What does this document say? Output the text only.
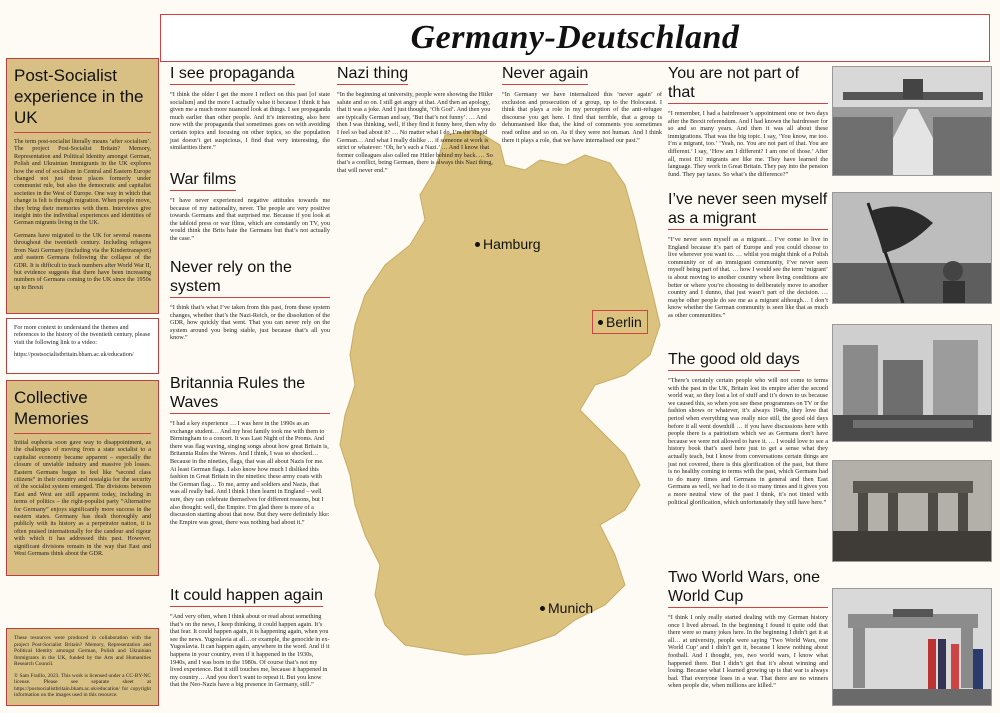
Germany-Deutschland
Post-Socialist experience in the UK

The term post-socialist literally means ‘after socialism’. The project Post-Socialist Britain? Memory, Representation and Political Identity amongst German, Polish and Ukrainian Immigrants in the UK explores how the end of socialism in Central and Eastern Europe changed not just those places formerly under communist rule, but also the democratic and capitalist societies in the West of Europe. One way in which that change is felt is through migration. When people move, they bring their memories with them. Interviews give insight into the individual experiences and identities of German migrants living in the UK.

Germans have migrated to the UK for several reasons throughout the twentieth century. Including refugees from Nazi Germany (including via the Kindertransport) and eastern Germans following the collapse of the GDR. It is difficult to track numbers after World War II, but evidence suggests that there have been increasing numbers of Germans coming to the UK since the 1950s up to Brexit

For more context to understand the themes and references to the history of the twentieth century, please visit the following link to a video:

https://postsocialistbritain.bham.ac.uk/education/

Collective Memories

Initial euphoria soon gave way to disappointment, as the challenges of moving from a state socialist to a capitalist economy became apparent – especially the closure of unviable industry and massive job losses. Eastern Germans began to feel like “second class citizens” in their country and nostalgia for the security of the socialist system emerged. The divisions between East and West are still apparent today, including in terms of politics – the right-populist party “Alternative for Germany” enjoys significantly more success in the eastern states. Germany has dealt thoroughly and publicly with its history as a perpetrator nation, it is often praised internationally for the candour and rigour with which it has addressed this past. However, significant divisions remain in the way that East and West Germans think about the GDR.

These resources were produced in collaboration with the project Post-Socialist Britain? Memory, Representation and Political Identity amongst German, Polish and Ukrainian Immigrants in the UK, funded by the Arts and Humanities Research Council.

© Sam Fraillo, 2023. This work is licensed under a CC-BY-NC license. Please see separate sheet at https://postsocialistbritain.bham.ac.uk/education/ for copyright information on the images used in this resource.

Hamburg
Berlin
Munich
I see propaganda

“I think the older I get the more I reflect on this past [of state socialism] and the more I actually value it because I think it has given me a much more nuanced look at things. I see propaganda much earlier than other people. And it’s interesting, also here now with the propaganda that sometimes goes on with avoiding certain topics and focusing on other topics, so the population just doesn’t get suspicious, I find that very interesting, the similarities there.”

War films

“I have never experienced negative attitudes towards me because of my nationality, never. The people are very positive towards Germans and that surprised me. Because if you look at the tabloid press or war films, which are constantly on TV, you would think the Brits hate the Germans but that’s not actually the case.”

Never rely on the system

“I think that’s what I’ve taken from this past, from these system changes, whether that’s the Nazi-Reich, or the dissolution of the GDR, how quickly that went. That you can never rely on the system around you being stable, just because that’s all you know.”

Britannia Rules the Waves

“I had a key experience … I was here in the 1990s as an exchange student… And my host family took me with them to Birmingham to a concert. It was Last Night of the Proms. And there was flag waving, singing songs about how great Britain is, Britannia Rules the Waves. And I think, I was so shocked… Because in the nineties, flags, that was all about Nazis for me. At least German flags. I also know how much I disliked this fashion in Great Britain in the nineties: these army coats with the German flag… To me, army and soldiers and Nazis, that was all really bad. And I think I then learnt in England – well sure, they can celebrate themselves for different reasons, but I also thought: well, the Empire. I’m glad there is more of a discussion starting about that now. But they were definitely like: the Empire was great, there was nothing bad about it.”

It could happen again

“And very often, when I think about or read about something that’s on the news, I keep thinking, it could happen again. It’s that fear. It could happen again, it is happening again, when you see the news. Yugoslavia at all…or example, the genocide in ex-Yugoslavia. It can happen again, anywhere in the word. And if it happens in your country, even if it happened in the 1930s, 1940s, and I was born in the 1980s. Of course that’s not my lived experience. But it still touches me, because it happened in my country… And you don’t want to repeat it. But you know that the Neo-Nazis have a big presence in Germany, still.”

Nazi thing

“In the beginning at university, people were showing the Hitler salute and so on. I still get angry at that. And then an apology, that it was a joke. And I just thought, ‘Oh God’. And then you are typically German and say, ‘But that’s not funny’. … And then I was thinking, well, if they find it funny here, then why do I feel so bad about it? … No matter what I do, I’m the stupid German… And what I really dislike … if someone at work is strict or whatever: ‘Oh, he’s such a Nazi.’ … And I know that former colleagues also called me Hitler behind my back. … So that’s a conflict, being German, there is always this Nazi thing, that will never end.”

Never again

“In Germany we have internalized this ‘never again’ of exclusion and prosecution of a group, up to the Holocaust. I think that plays a role in my perception of the anti-refugee discourse you get here. I find that terrible, that a group is dehumanised like that, the kind of comments you sometimes read online and so on. As if they were not human. And I think there it plays a role, that we have internalised our past.”

You are not part of that

“I remember, I had a hairdresser’s appointment one or two days after the Brexit referendum. And I had known the hairdresser for so and so many years. And then it was all about these immigrations. That was the big topic. I say, ‘You know, me too. I’m a migrant, too.’ ‘Yeah, no. You are not part of that. You are different.’ I say, ‘How am I different? I am one of those.’ After all, most EU migrants are like me. They have learned the language. They work in Great Britain. They pay into the pension fund. They pay taxes. So what’s the difference?”

I’ve never seen myself as a migrant

“I’ve never seen myself as a migrant… I’ve come to live in England because it’s part of Europe and you could choose to live wherever you want to. … whilst you might think of a Polish community or of an immigrant community, I’ve never seen myself being part of that. … how I would see the term ‘migrant’ is about moving to another country where living conditions are better or where you’re choosing to deliberately move to another country and I dunno, that just wasn’t part of the decision. … maybe other people do see me as a migrant although… I don’t know whether the German community is seen like that as much as other communities.”

The good old days

“There’s certainly certain people who will not come to terms with the past in the UK, Britain lost its empire after the second world war, so they lost a lot of stuff and it’s down to us because we caused this, so when you see these programmes on TV or the fashion shows or whatever, it’s always 1940s, they love that period when everything was really nice still, the good old days before it all went downhill … if you have discussions here with people there is a patriotism which we as Germans don’t have because we were not allowed to have it. … I would love to see a history book that’s used here just to get a sense what they actually teach, but I know from conversations certain things are just not covered, there is this glorification of the past, but there is no healthy coming to terms with the past, which Germans had to do many times and Germans in general and then East Germans as well, we had to do it so many times and it gives you a more neutral view of the past I think, it’s not tinted with political glorification, which unfortunately they still have here.”

Two World Wars, one World Cup

“I think I only really started dealing with my German history once I lived abroad. In the beginning I found it quite odd that there were so many jokes here. In the beginning I didn’t get it at all… at university, people were saying ‘Two World Wars, one World Cup’ and I didn’t get it, because I knew nothing about football. And I thought, yes, two world wars, I know what happened there. But I didn’t get that it’s about winning and losing. Because what I learned growing up is that war is always bad. That everyone loses in a war. That there are no winners when people die, when millions are killed.”
